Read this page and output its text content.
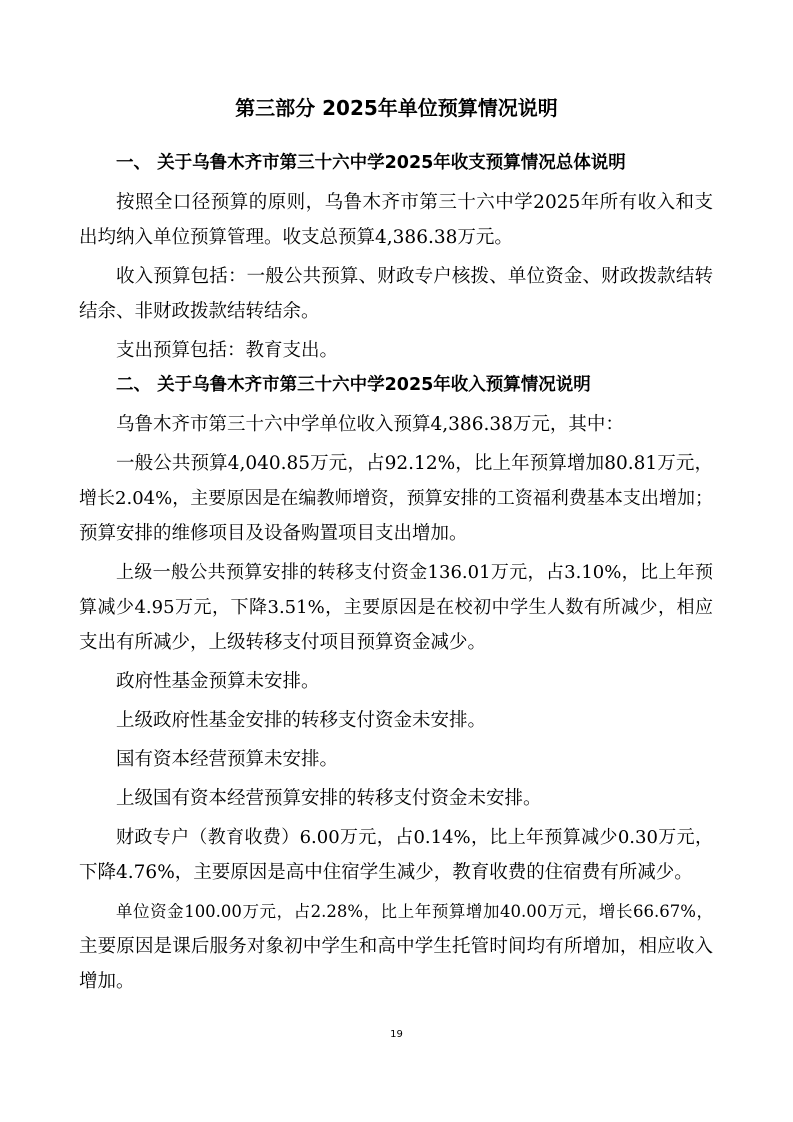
第三部分 2025年单位预算情况说明
一、 关于乌鲁木齐市第三十六中学2025年收支预算情况总体说明
按照全口径预算的原则，乌鲁木齐市第三十六中学2025年所有收入和支
出均纳入单位预算管理。收支总预算4,386.38万元。
收入预算包括：一般公共预算、财政专户核拨、单位资金、财政拨款结转
结余、非财政拨款结转结余。
支出预算包括：教育支出。
二、 关于乌鲁木齐市第三十六中学2025年收入预算情况说明
乌鲁木齐市第三十六中学单位收入预算4,386.38万元，其中：
一般公共预算4,040.85万元，占92.12%，比上年预算增加80.81万元，
增长2.04%，主要原因是在编教师增资，预算安排的工资福利费基本支出增加；
预算安排的维修项目及设备购置项目支出增加。
上级一般公共预算安排的转移支付资金136.01万元，占3.10%，比上年预
算减少4.95万元，下降3.51%，主要原因是在校初中学生人数有所减少，相应
支出有所减少，上级转移支付项目预算资金减少。
政府性基金预算未安排。
上级政府性基金安排的转移支付资金未安排。
国有资本经营预算未安排。
上级国有资本经营预算安排的转移支付资金未安排。
财政专户（教育收费）6.00万元，占0.14%，比上年预算减少0.30万元，
下降4.76%，主要原因是高中住宿学生减少，教育收费的住宿费有所减少。
单位资金100.00万元，占2.28%，比上年预算增加40.00万元，增长66.67%，
主要原因是课后服务对象初中学生和高中学生托管时间均有所增加，相应收入
增加。
19
